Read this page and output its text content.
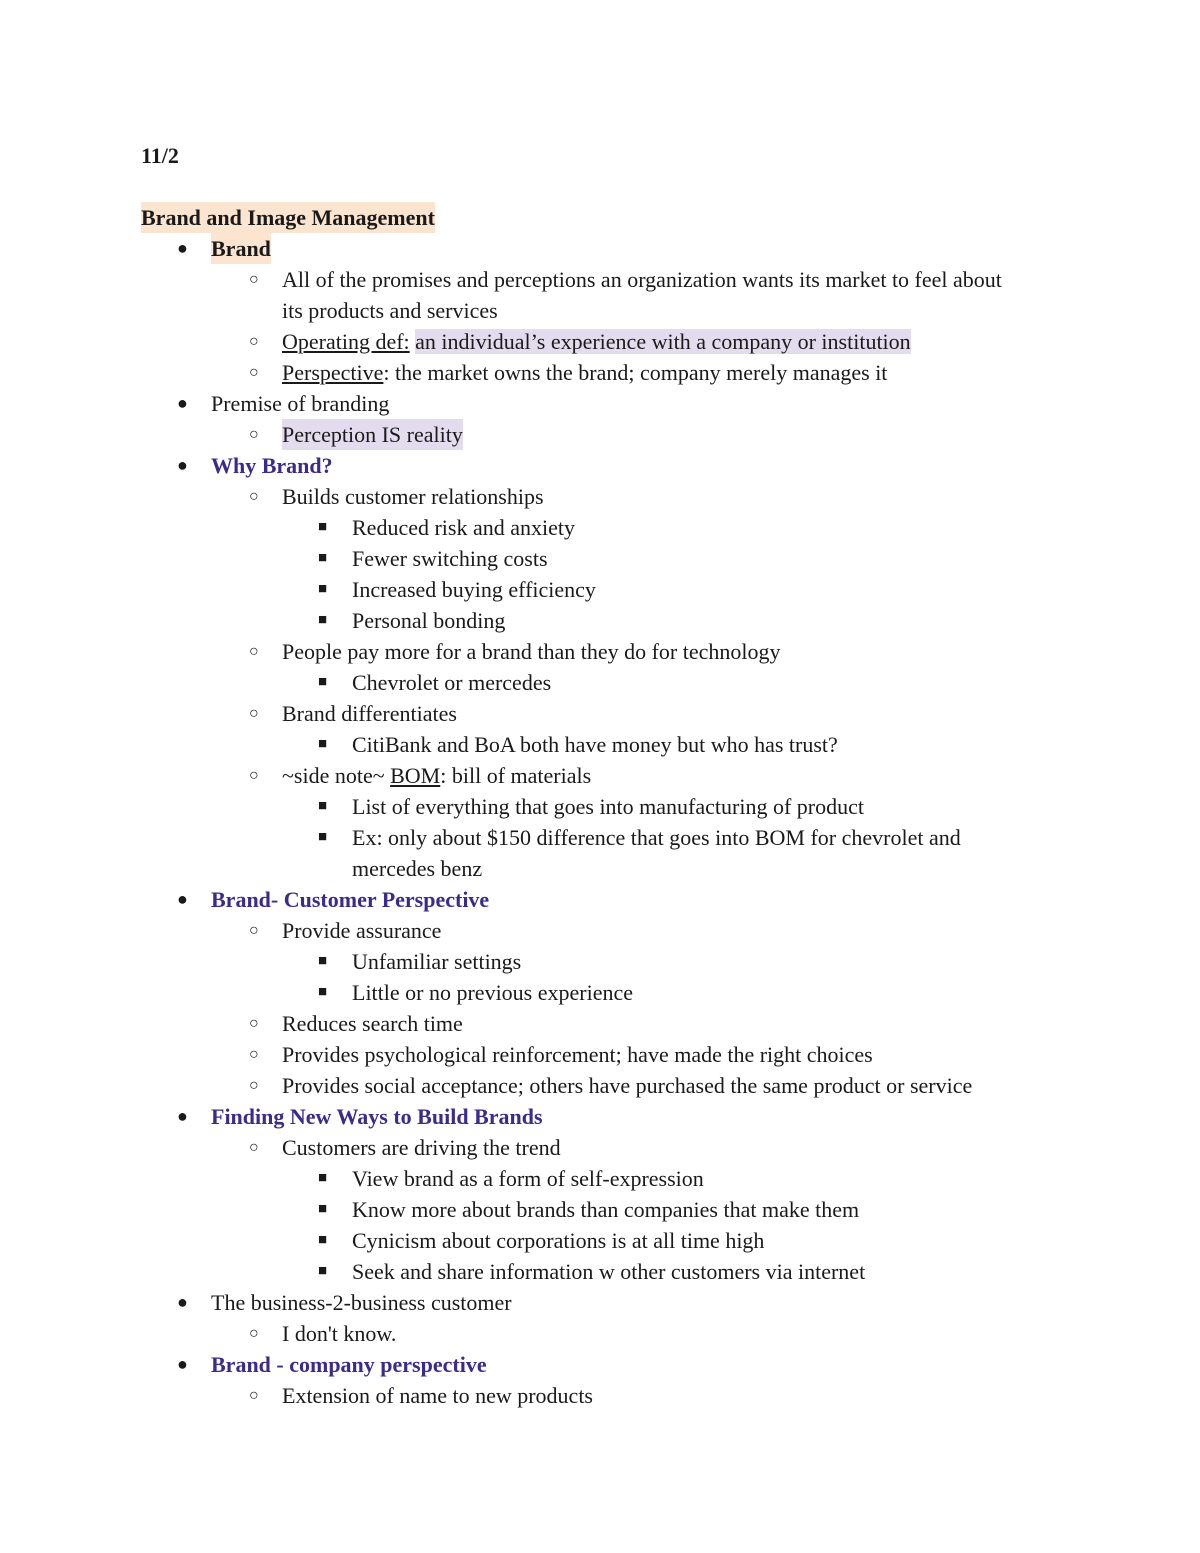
11/2
Brand and Image Management
●	Brand
○	All of the promises and perceptions an organization wants its market to feel about
its products and services
○	Operating def: an individual’s experience with a company or institution
○	Perspective: the market owns the brand; company merely manages it
●	Premise of branding
○	Perception IS reality
●	Why Brand?
○	Builds customer relationships
■	Reduced risk and anxiety
■	Fewer switching costs
■	Increased buying efficiency
■	Personal bonding
○	People pay more for a brand than they do for technology
■	Chevrolet or mercedes
○	Brand differentiates
■	CitiBank and BoA both have money but who has trust?
○	~side note~ BOM: bill of materials
■	List of everything that goes into manufacturing of product
■	Ex: only about $150 difference that goes into BOM for chevrolet and
mercedes benz
●	Brand- Customer Perspective
○	Provide assurance
■	Unfamiliar settings
■	Little or no previous experience
○	Reduces search time
○	Provides psychological reinforcement; have made the right choices
○	Provides social acceptance; others have purchased the same product or service
●	Finding New Ways to Build Brands
○	Customers are driving the trend
■	View brand as a form of self-expression
■	Know more about brands than companies that make them
■	Cynicism about corporations is at all time high
■	Seek and share information w other customers via internet
●	The business-2-business customer
○	I don't know.
●	Brand - company perspective
○	Extension of name to new products
